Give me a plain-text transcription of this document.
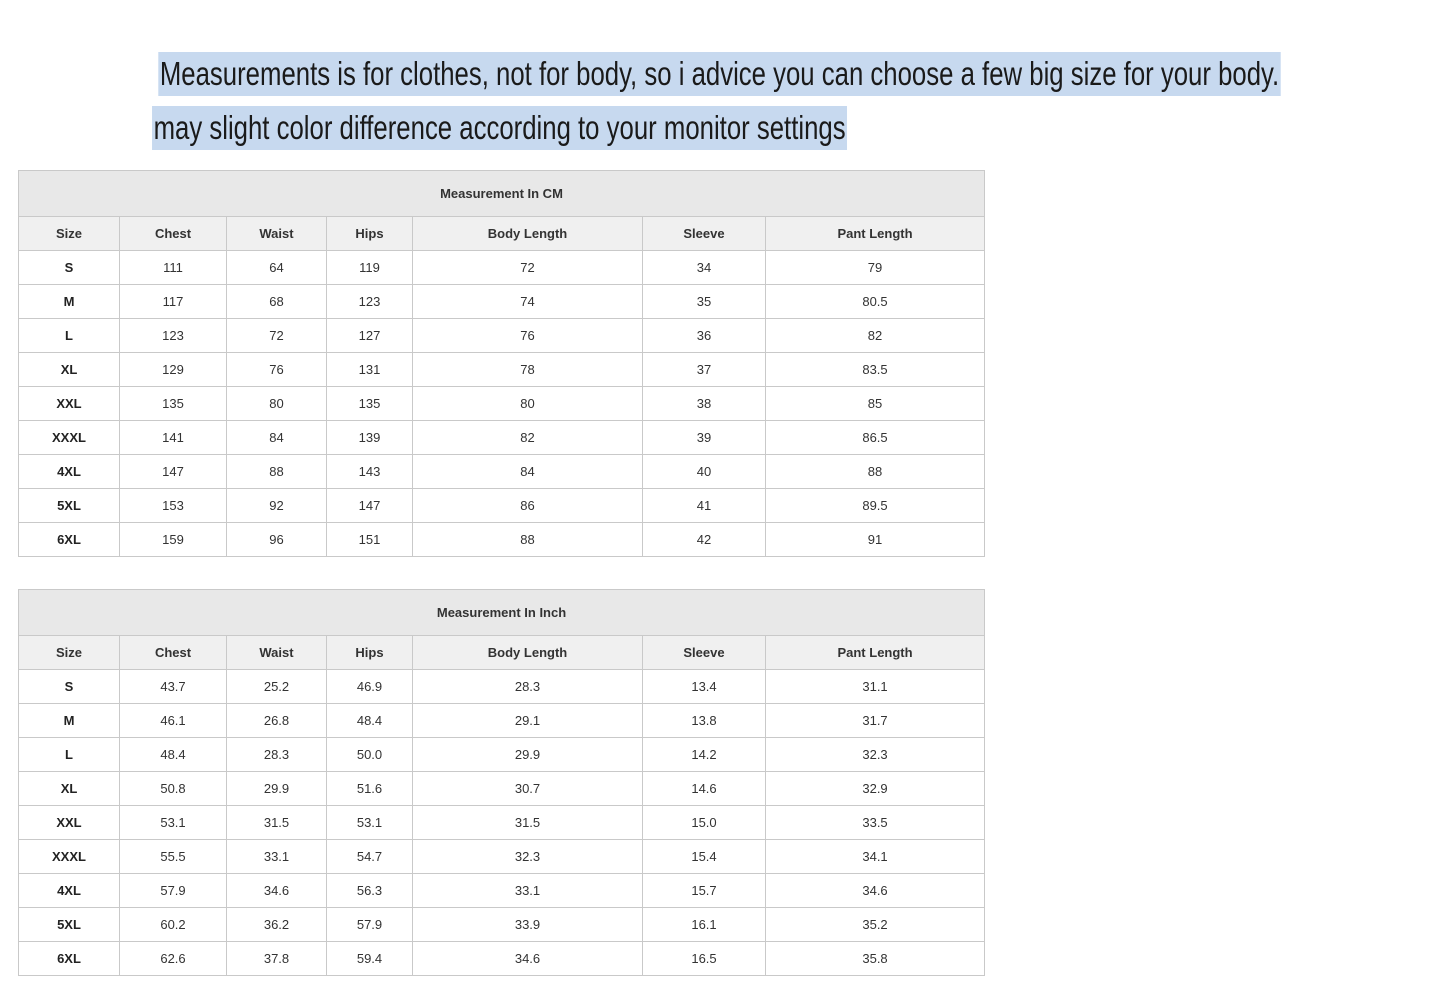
Measurements is for clothes, not for body, so i advice you can choose a few big size for your body.
may slight color difference according to your monitor settings
Measurement In CM						
Size	Chest	Waist	Hips	Body Length	Sleeve	Pant Length
S	111	64	119	72	34	79
M	117	68	123	74	35	80.5
L	123	72	127	76	36	82
XL	129	76	131	78	37	83.5
XXL	135	80	135	80	38	85
XXXL	141	84	139	82	39	86.5
4XL	147	88	143	84	40	88
5XL	153	92	147	86	41	89.5
6XL	159	96	151	88	42	91
Measurement In Inch						
Size	Chest	Waist	Hips	Body Length	Sleeve	Pant Length
S	43.7	25.2	46.9	28.3	13.4	31.1
M	46.1	26.8	48.4	29.1	13.8	31.7
L	48.4	28.3	50.0	29.9	14.2	32.3
XL	50.8	29.9	51.6	30.7	14.6	32.9
XXL	53.1	31.5	53.1	31.5	15.0	33.5
XXXL	55.5	33.1	54.7	32.3	15.4	34.1
4XL	57.9	34.6	56.3	33.1	15.7	34.6
5XL	60.2	36.2	57.9	33.9	16.1	35.2
6XL	62.6	37.8	59.4	34.6	16.5	35.8
